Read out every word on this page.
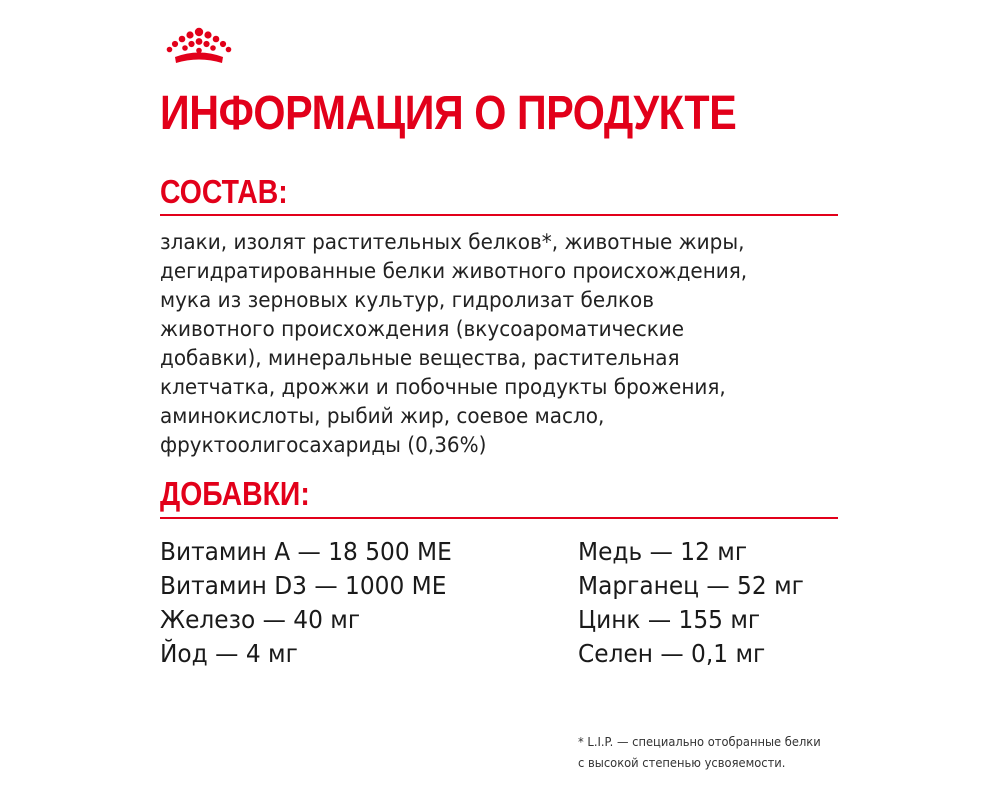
ИНФОРМАЦИЯ О ПРОДУКТЕ
СОСТАВ:

злаки, изолят растительных белков*, животные жиры,
дегидратированные белки животного происхождения,
мука из зерновых культур, гидролизат белков
животного происхождения (вкусоароматические
добавки), минеральные вещества, растительная
клетчатка, дрожжи и побочные продукты брожения,
аминокислоты, рыбий жир, соевое масло,
фруктоолигосахариды (0,36%)

ДОБАВКИ:
Витамин А — 18 500 МЕ
Витамин D3 — 1000 МЕ
Железо — 40 мг
Йод — 4 мг
Медь — 12 мг
Марганец — 52 мг
Цинк — 155 мг
Селен — 0,1 мг

* L.I.P. — специально отобранные белки
с высокой степенью усвояемости.
